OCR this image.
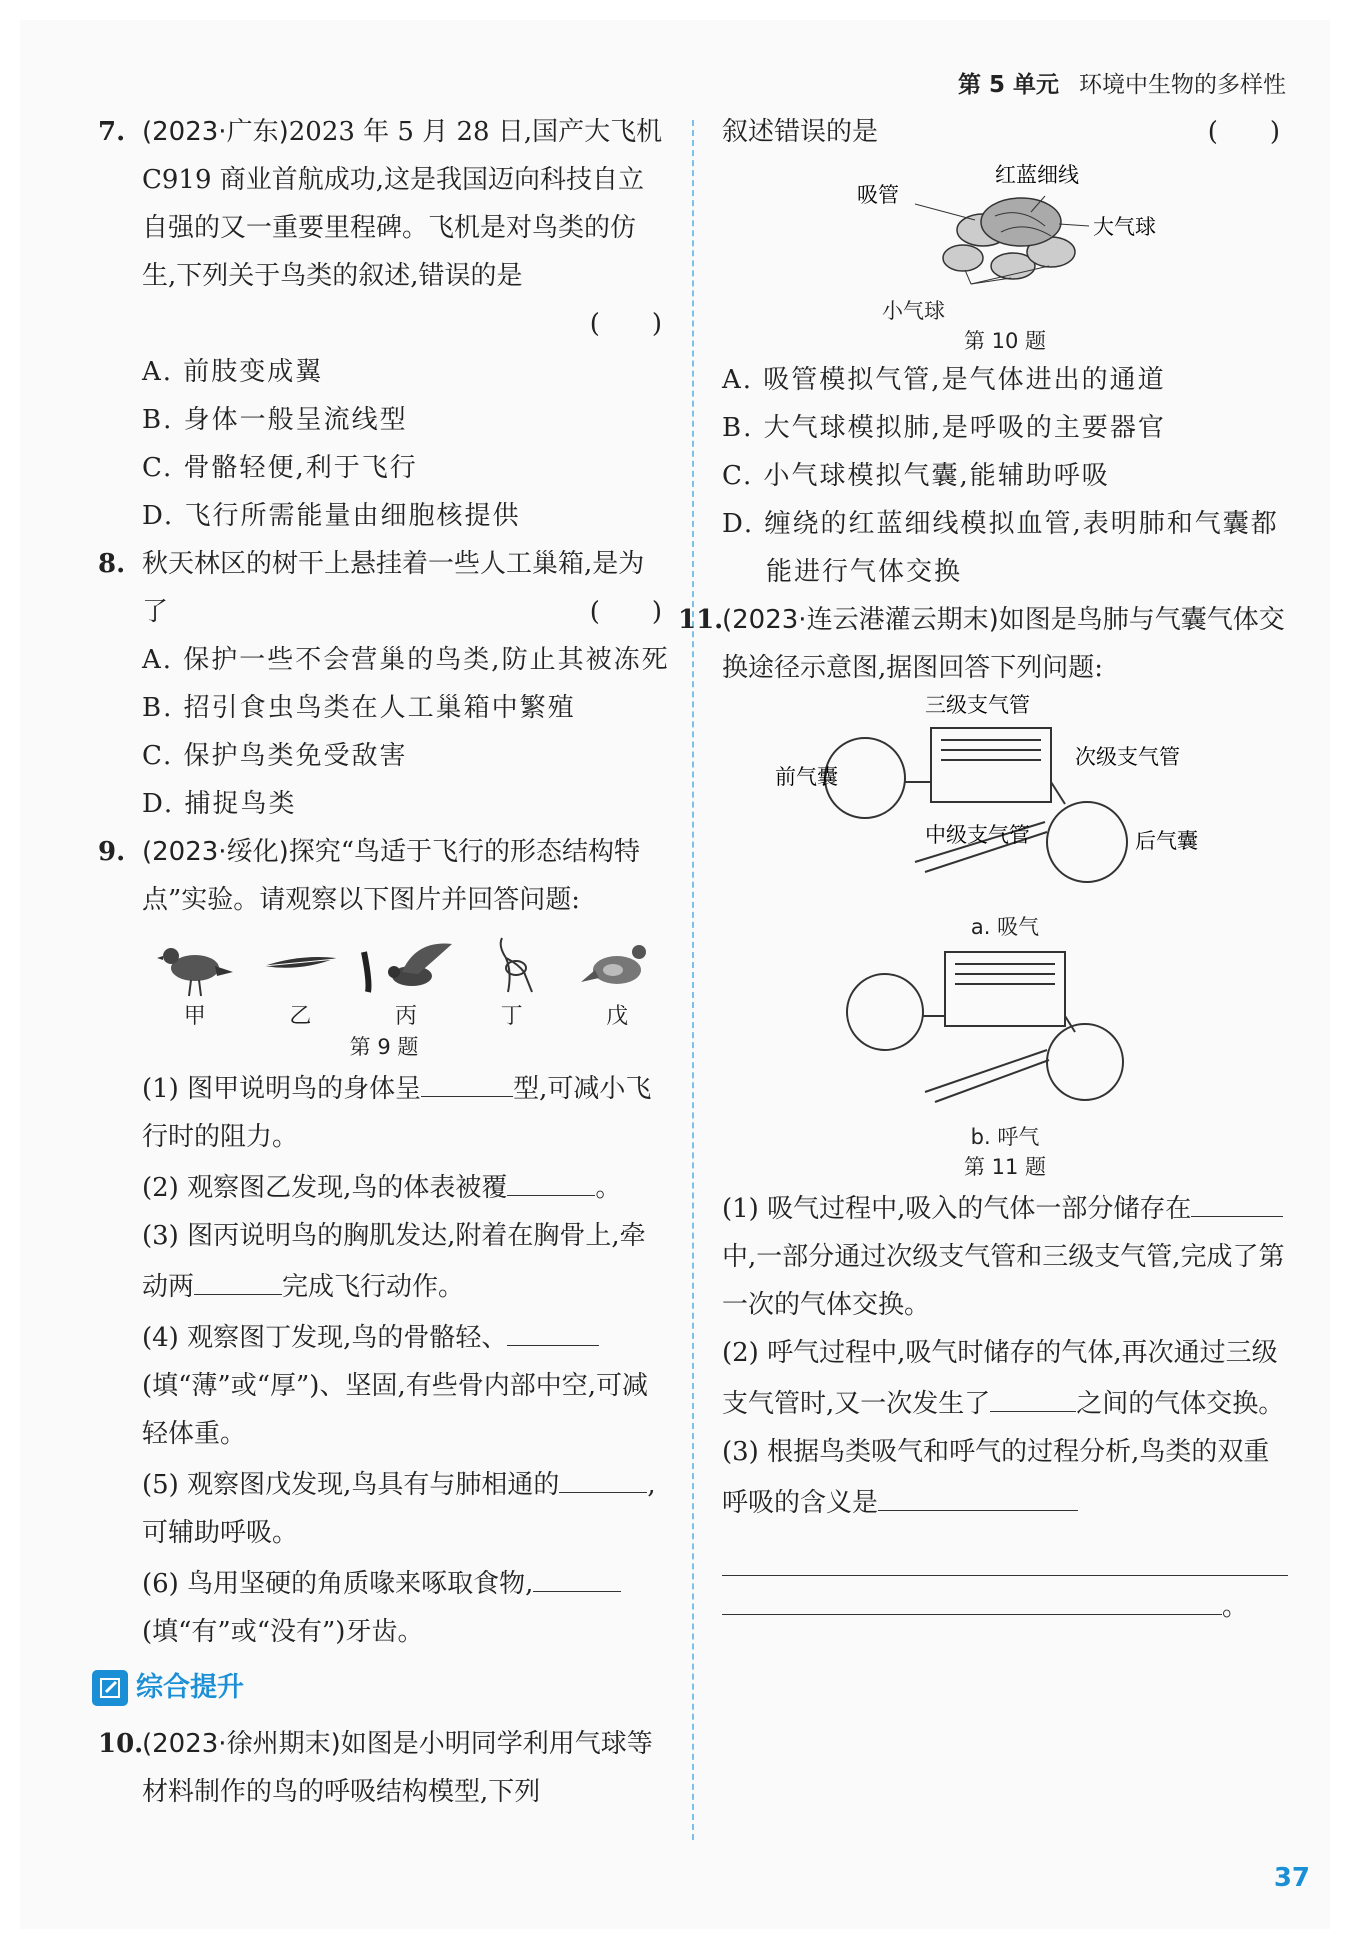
第 5 单元 环境中生物的多样性
7. (2023·广东)2023 年 5 月 28 日,国产大飞机 C919 商业首航成功,这是我国迈向科技自立自强的又一重要里程碑。飞机是对鸟类的仿生,下列关于鸟类的叙述,错误的是
(　　)
A. 前肢变成翼
B. 身体一般呈流线型
C. 骨骼轻便,利于飞行
D. 飞行所需能量由细胞核提供
8. 秋天林区的树干上悬挂着一些人工巢箱,是为了	(　　)
A. 保护一些不会营巢的鸟类,防止其被冻死
B. 招引食虫鸟类在人工巢箱中繁殖
C. 保护鸟类免受敌害
D. 捕捉鸟类
9. (2023·绥化)探究“鸟适于飞行的形态结构特点”实验。请观察以下图片并回答问题:
甲	乙	丙	丁	戊
第 9 题
(1) 图甲说明鸟的身体呈	型,可减小飞行时的阻力。
(2) 观察图乙发现,鸟的体表被覆	。
(3) 图丙说明鸟的胸肌发达,附着在胸骨上,牵动两	完成飞行动作。
(4) 观察图丁发现,鸟的骨骼轻、(填“薄”或“厚”)、坚固,有些骨内部中空,可减轻体重。
(5) 观察图戊发现,鸟具有与肺相通的	,可辅助呼吸。
(6) 鸟用坚硬的角质喙来啄取食物,(填“有”或“没有”)牙齿。
综合提升
10.
(2023·徐州期末)如图是小明同学利用气球等材料制作的鸟的呼吸结构模型,下列
叙述错误的是	(　　)
吸管
红蓝细线
大气球
小气球
第 10 题
A. 吸管模拟气管,是气体进出的通道
B. 大气球模拟肺,是呼吸的主要器官
C. 小气球模拟气囊,能辅助呼吸
D. 缠绕的红蓝细线模拟血管,表明肺和气囊都能进行气体交换
11.
(2023·连云港灌云期末)如图是鸟肺与气囊气体交换途径示意图,据图回答下列问题:
三级支气管
次级支气管
前气囊
中级支气管	后气囊
a. 吸气
b. 呼气
第 11 题
(1) 吸气过程中,吸入的气体一部分储存在中,一部分通过次级支气管和三级支气管,完成了第一次的气体交换。
(2) 呼气过程中,吸气时储存的气体,再次通过三级支气管时,又一次发生了	之间的气体交换。
(3) 根据鸟类吸气和呼气的过程分析,鸟类的双重呼吸的含义是
。
37
